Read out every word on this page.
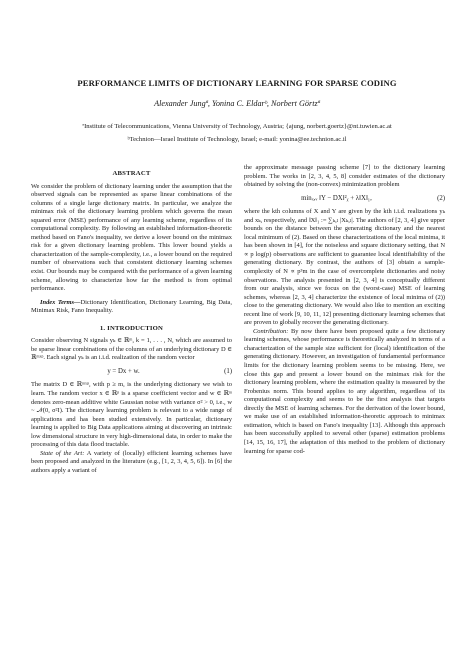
PERFORMANCE LIMITS OF DICTIONARY LEARNING FOR SPARSE CODING
Alexander Jungª, Yonina C. Eldarᵇ, Norbert Görtzª
ªInstitute of Telecommunications, Vienna University of Technology, Austria; {ajung, norbert.goertz}@nt.tuwien.ac.at
ᵇTechnion—Israel Institute of Technology, Israel; e-mail: yonina@ee.technion.ac.il
ABSTRACT

We consider the problem of dictionary learning under the assumption that the observed signals can be represented as sparse linear combinations of the columns of a single large dictionary matrix. In particular, we analyze the minimax risk of the dictionary learning problem which governs the mean squared error (MSE) performance of any learning scheme, regardless of its computational complexity. By following an established information-theoretic method based on Fano's inequality, we derive a lower bound on the minimax risk for a given dictionary learning problem. This lower bound yields a characterization of the sample-complexity, i.e., a lower bound on the required number of observations such that consistent dictionary learning schemes exist. Our bounds may be compared with the performance of a given learning scheme, allowing to characterize how far the method is from optimal performance.

Index Terms—Dictionary Identification, Dictionary Learning, Big Data, Minimax Risk, Fano Inequality.

1. INTRODUCTION

Consider observing N signals yₖ ∈ ℝᵐ, k = 1, . . . , N, which are assumed to be sparse linear combinations of the columns of an underlying dictionary D ∈ ℝᵐˣᵖ. Each signal yₖ is an i.i.d. realization of the random vector

y = Dx + w.	(1)

The matrix D ∈ ℝᵐˣᵖ, with p ≥ m, is the underlying dictionary we wish to learn. The random vector x ∈ ℝᵖ is a sparse coefficient vector and w ∈ ℝᵐ denotes zero-mean additive white Gaussian noise with variance σ² > 0, i.e., w ~ 𝒩(0, σ²I). The dictionary learning problem is relevant to a wide range of applications and has been studied extensively. In particular, dictionary learning is applied to Big Data applications aiming at discovering an intrinsic low dimensional structure in very high-dimensional data, in order to make the processing of this data flood tractable.

State of the Art: A variety of (locally) efficient learning schemes have been proposed and analyzed in the literature (e.g., [1, 2, 3, 4, 5, 6]). In [6] the authors apply a variant of

the approximate message passing scheme [7] to the dictionary learning problem. The works in [2, 3, 4, 5, 8] consider estimates of the dictionary obtained by solving the (non-convex) minimization problem

minₓ,ᵥ ‖Y − DX‖²ᵪ + λ‖X‖₁,	(2)

where the kth columns of X and Y are given by the kth i.i.d. realizations yₖ and xₖ, respectively, and ‖X‖₁ := ∑ₖ,ₗ |Xₖ,ₗ|. The authors of [2, 3, 4] give upper bounds on the distance between the generating dictionary and the nearest local minimum of (2). Based on these characterizations of the local minima, it has been shown in [4], for the noiseless and square dictionary setting, that N ∝ p log(p) observations are sufficient to guarantee local identifiability of the generating dictionary. By contrast, the authors of [3] obtain a sample-complexity of N ∝ p³m in the case of overcomplete dictionaries and noisy observations. The analysis presented in [2, 3, 4] is conceptually different from our analysis, since we focus on the (worst-case) MSE of learning schemes, whereas [2, 3, 4] characterize the existence of local minima of (2)) close to the generating dictionary. We would also like to mention an exciting recent line of work [9, 10, 11, 12] presenting dictionary learning schemes that are proven to globally recover the generating dictionary.

Contribution: By now there have been proposed quite a few dictionary learning schemes, whose performance is theoretically analyzed in terms of a characterization of the sample size sufficient for (local) identification of the generating dictionary. However, an investigation of fundamental performance limits for the dictionary learning problem seems to be missing. Here, we close this gap and present a lower bound on the minimax risk for the dictionary learning problem, where the estimation quality is measured by the Frobenius norm. This bound applies to any algorithm, regardless of its computational complexity and seems to be the first analysis that targets directly the MSE of learning schemes. For the derivation of the lower bound, we make use of an established information-theoretic approach to minimax estimation, which is based on Fano's inequality [13]. Although this approach has been successfully applied to several other (sparse) estimation problems [14, 15, 16, 17], the adaptation of this method to the problem of dictionary learning for sparse cod-
